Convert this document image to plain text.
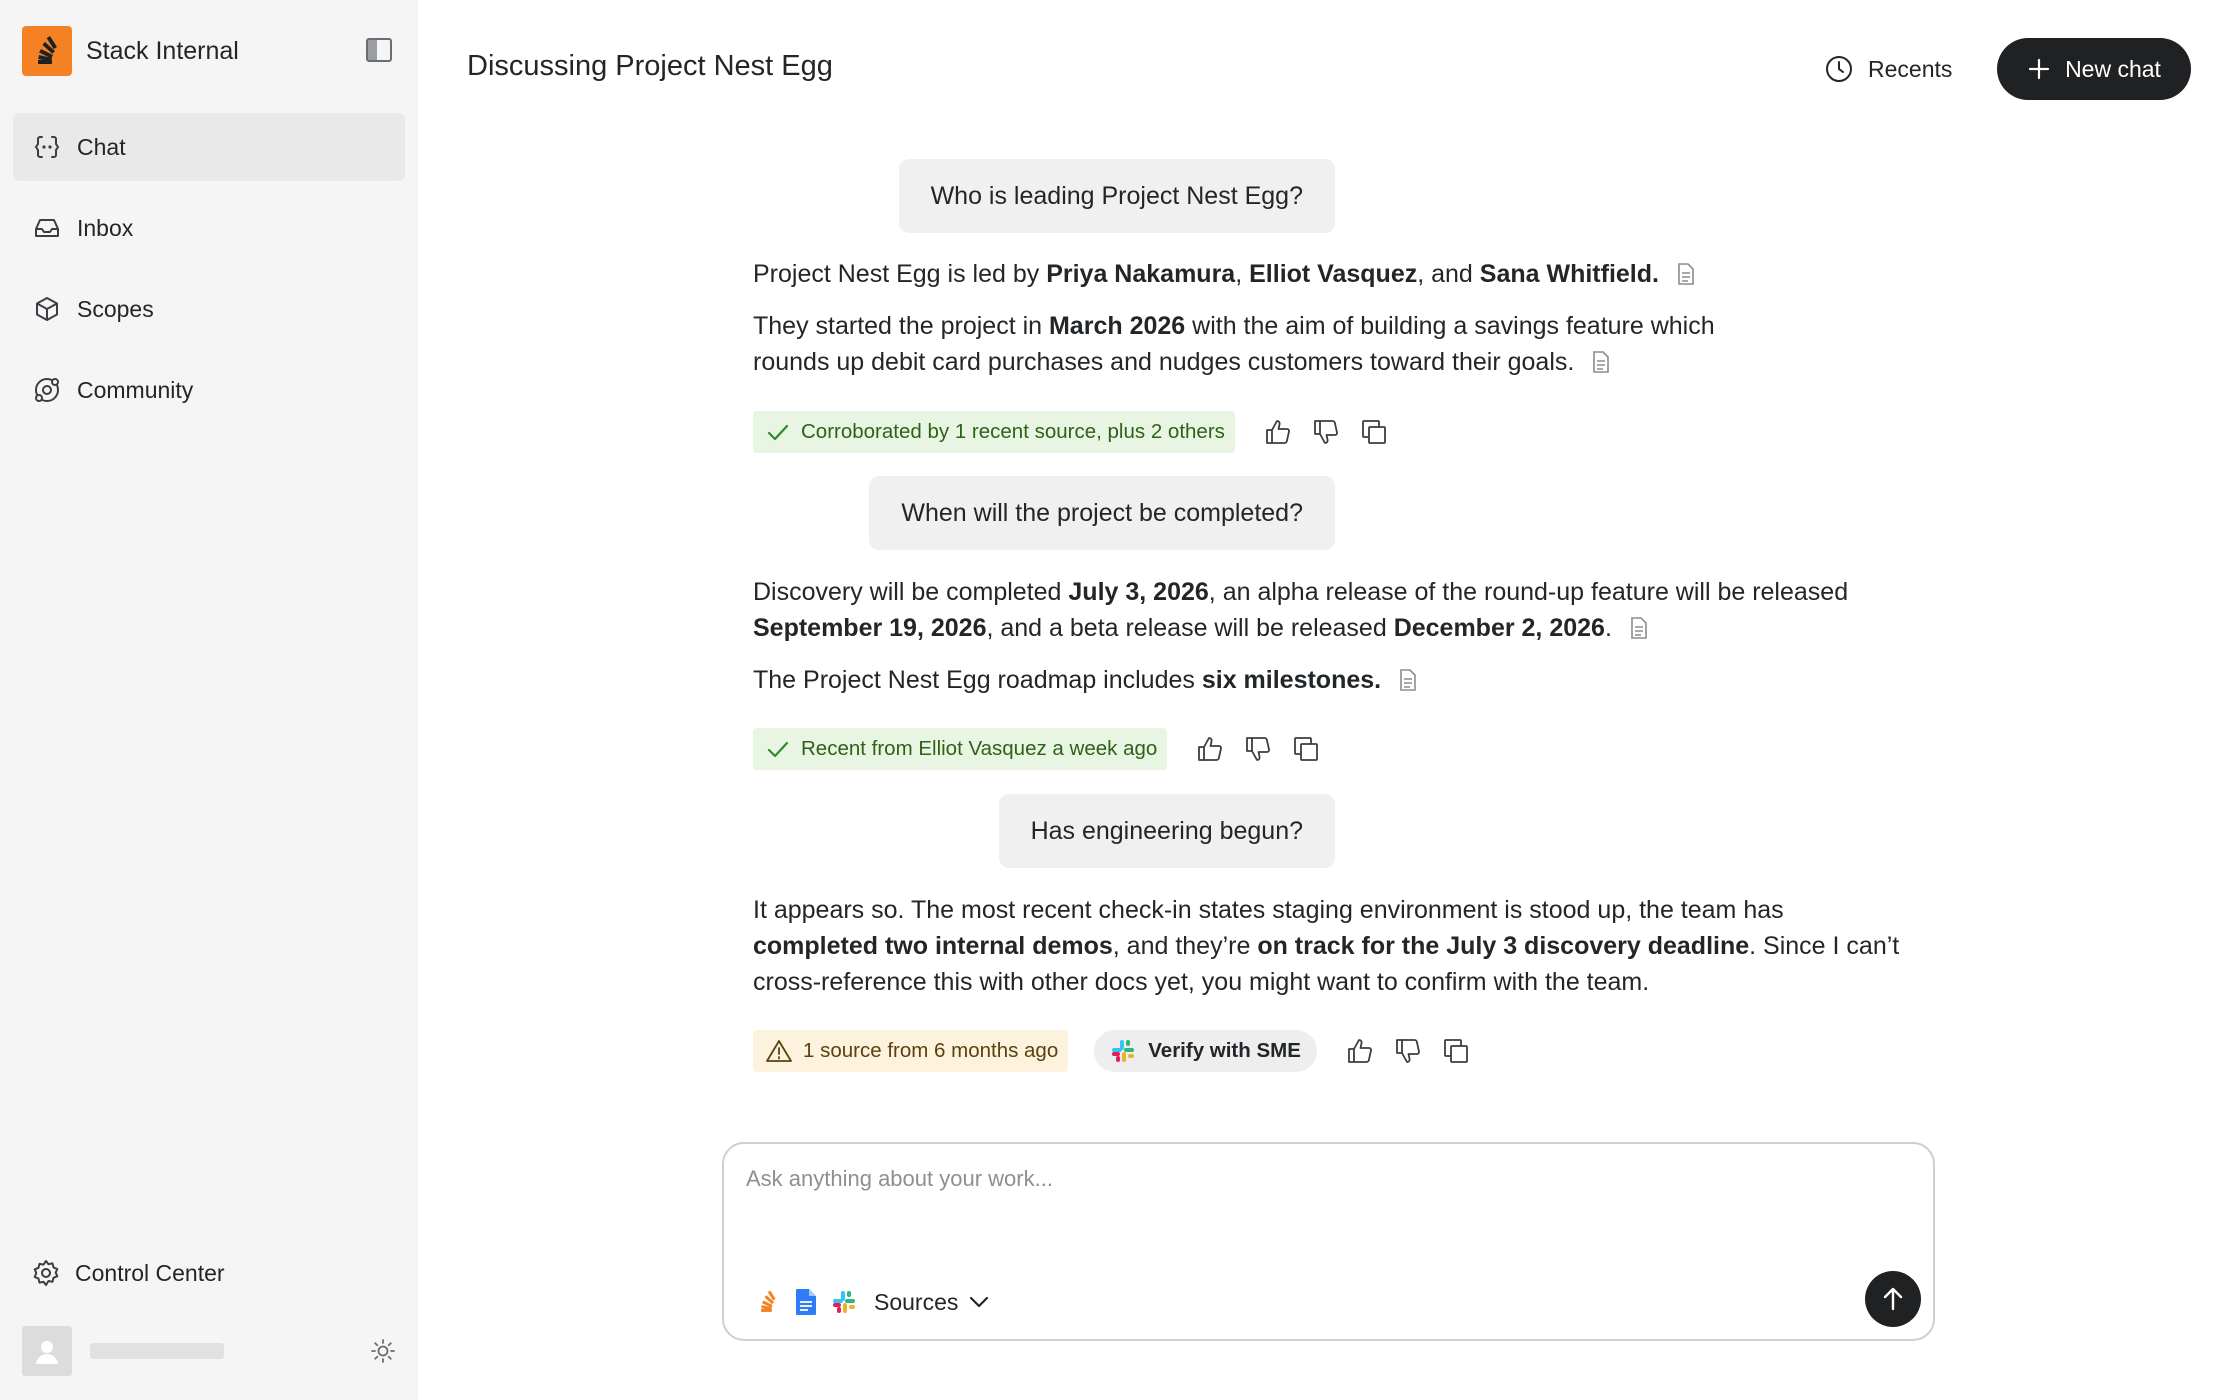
Stack Internal
Chat
Inbox
Scopes
Community
Control Center
Discussing Project Nest Egg	Recents	New chat
Who is leading Project Nest Egg?

Project Nest Egg is led by Priya Nakamura, Elliot Vasquez, and Sana Whitfield.

They started the project in March 2026 with the aim of building a savings feature which rounds up debit card purchases and nudges customers toward their goals.

Corroborated by 1 recent source, plus 2 others
When will the project be completed?

Discovery will be completed July 3, 2026, an alpha release of the round-up feature will be released September 19, 2026, and a beta release will be released December 2, 2026.

The Project Nest Egg roadmap includes six milestones.

Recent from Elliot Vasquez a week ago
Has engineering begun?

It appears so. The most recent check-in states staging environment is stood up, the team has completed two internal demos, and they’re on track for the July 3 discovery deadline. Since I can’t cross-reference this with other docs yet, you might want to confirm with the team.

1 source from 6 months ago	Verify with SME
Ask anything about your work...
Sources
